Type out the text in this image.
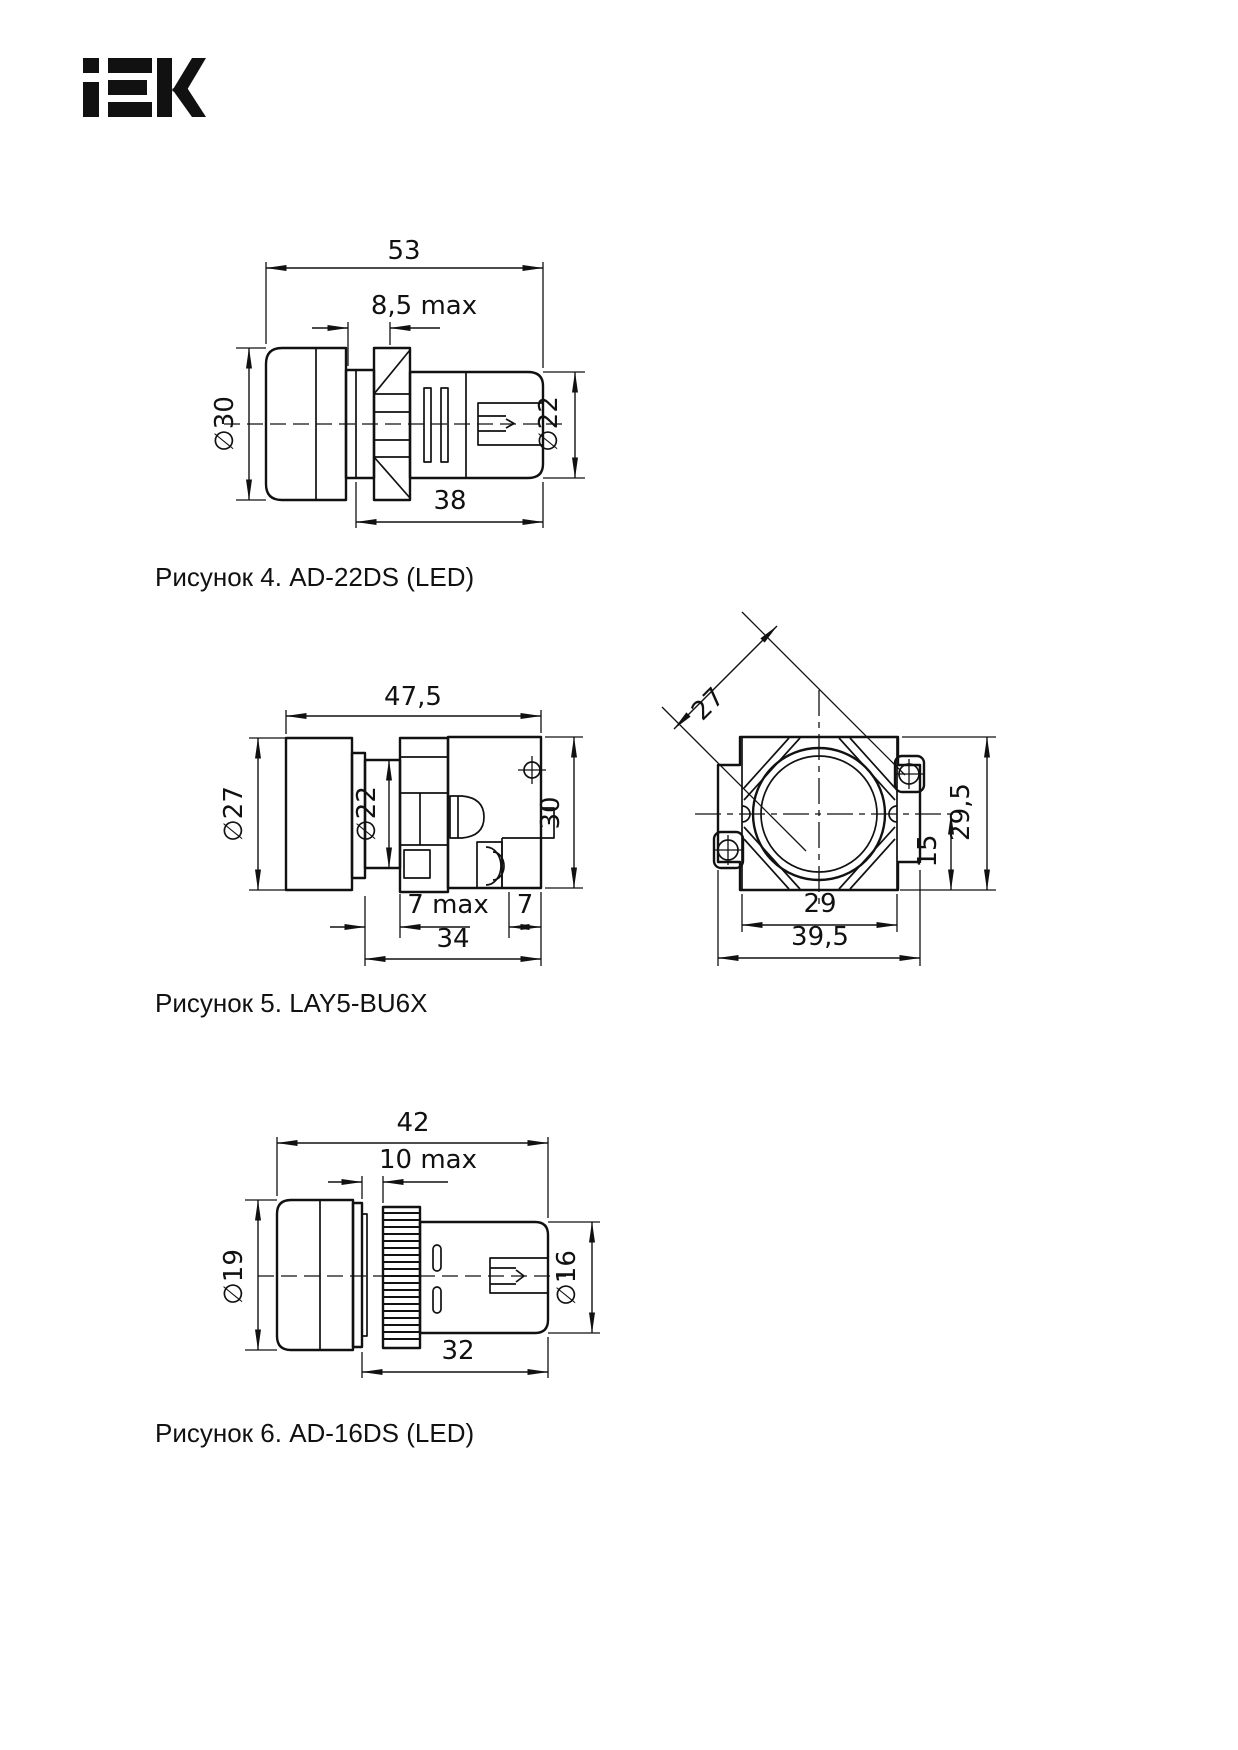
53
8,5 max
∅30	∅22
38
Рисунок 4. AD-22DS (LED)
47,5
∅27	∅22	30
7 max 7
34
Рисунок 5. LAY5-BU6X
27
29,5
15
29
39,5
42
10 max
∅19	∅16
32
Рисунок 6. AD-16DS (LED)
